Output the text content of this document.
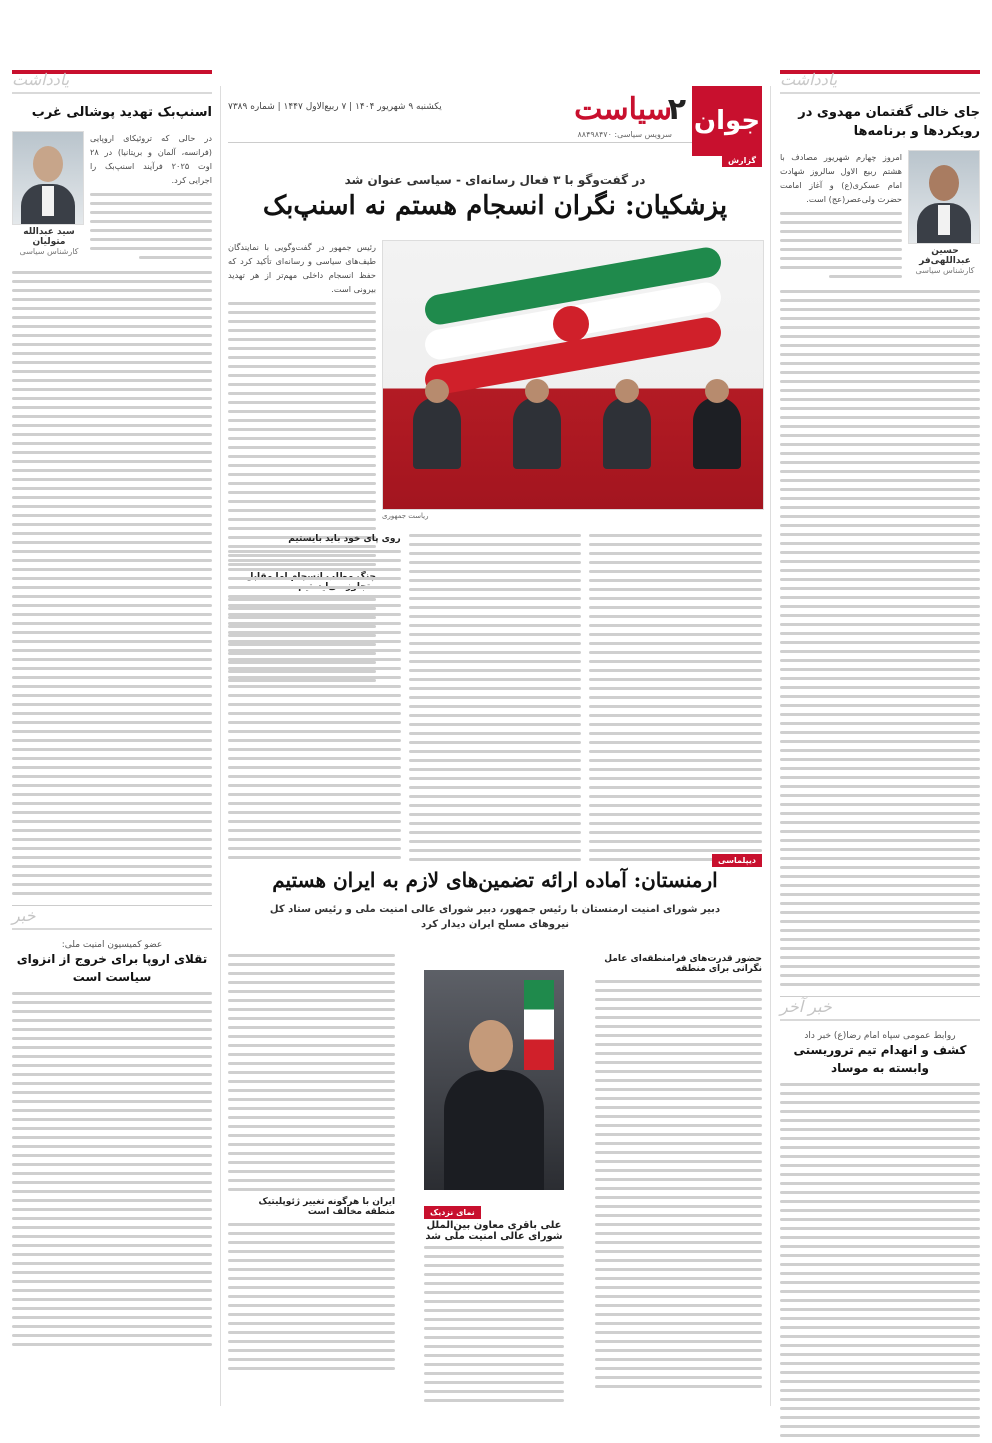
یادداشت
جای خالی گفتمان مهدوی در رویکردها و برنامه‌ها
حسین عبداللهی‌فر
کارشناس سیاسی
امروز چهارم شهریور مصادف با هشتم ربیع الاول سالروز شهادت امام عسکری(ع) و آغاز امامت حضرت ولی‌عصر(عج) است.
خبر آخر
روابط عمومی سپاه امام رضا(ع) خبر داد
کشف و انهدام تیم تروریستی وابسته به موساد
یادداشت
اسنپ‌بک تهدید پوشالی غرب
در حالی که تروئیکای اروپایی (فرانسه، آلمان و بریتانیا) در ۲۸ اوت ۲۰۲۵ فرآیند اسنپ‌بک را اجرایی کرد.
سید عبدالله متولیان
کارشناس سیاسی
خبر
عضو کمیسیون امنیت ملی:
تقلای اروپا برای خروج از انزوای سیاست است
جوان
سیاست
یکشنبه ۹ شهریور ۱۴۰۴ | ۷ ربیع‌الاول ۱۴۴۷ | شماره ۷۳۸۹
سرویس سیاسی: ۸۸۴۹۸۴۷۰
۲
گزارش
در گفت‌وگو با ۳ فعال رسانه‌ای - سیاسی عنوان شد
پزشکیان: نگران انسجام هستم نه اسنپ‌بک
رئیس جمهور در گفت‌وگویی با نمایندگان طیف‌های سیاسی و رسانه‌ای تأکید کرد که حفظ انسجام داخلی مهم‌تر از هر تهدید بیرونی است.
ریاست جمهوری
روی پای خود باید بایستیم
دیپلماسی
ارمنستان: آماده ارائه تضمین‌های لازم به ایران هستیم
دبیر شورای امنیت ارمنستان با رئیس جمهور، دبیر شورای عالی امنیت ملی و رئیس ستاد کل نیروهای مسلح ایران دیدار کرد
حضور قدرت‌های فرامنطقه‌ای عامل نگرانی برای منطقه
ایران با هرگونه تغییر ژئوپلیتیک منطقه مخالف است	نمای نزدیک
علی باقری معاون بین‌الملل شورای عالی امنیت ملی شد
